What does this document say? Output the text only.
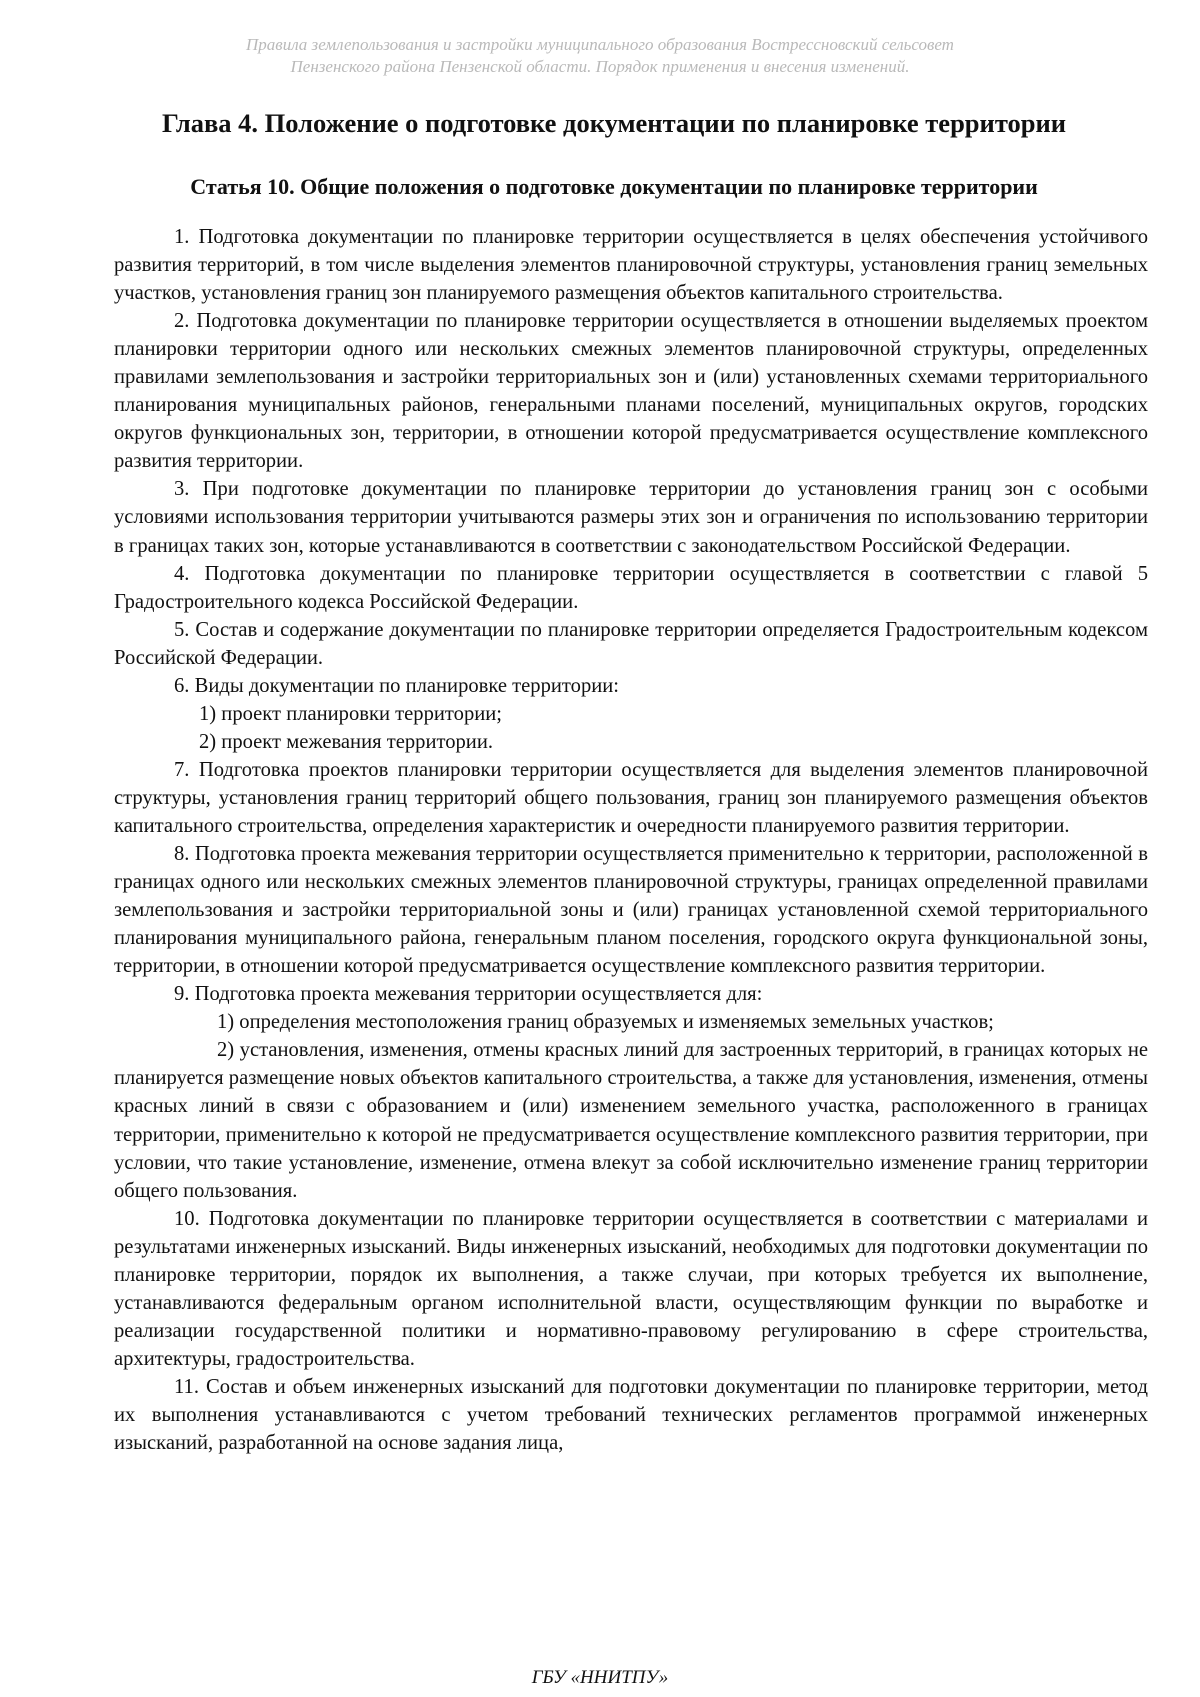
Правила землепользования и застройки муниципального образования Вострессновский сельсовет
Пензенского района Пензенской области. Порядок применения и внесения изменений.
Глава 4. Положение о подготовке документации по планировке территории
Статья 10. Общие положения о подготовке документации по планировке территории

1. Подготовка документации по планировке территории осуществляется в целях обеспечения устойчивого развития территорий, в том числе выделения элементов планировочной структуры, установления границ земельных участков, установления границ зон планируемого размещения объектов капитального строительства.

2. Подготовка документации по планировке территории осуществляется в отношении выделяемых проектом планировки территории одного или нескольких смежных элементов планировочной структуры, определенных правилами землепользования и застройки территориальных зон и (или) установленных схемами территориального планирования муниципальных районов, генеральными планами поселений, муниципальных округов, городских округов функциональных зон, территории, в отношении которой предусматривается осуществление комплексного развития территории.

3. При подготовке документации по планировке территории до установления границ зон с особыми условиями использования территории учитываются размеры этих зон и ограничения по использованию территории в границах таких зон, которые устанавливаются в соответствии с законодательством Российской Федерации.

4. Подготовка документации по планировке территории осуществляется в соответствии с главой 5 Градостроительного кодекса Российской Федерации.

5. Состав и содержание документации по планировке территории определяется Градостроительным кодексом Российской Федерации.

6. Виды документации по планировке территории:

1) проект планировки территории;

2) проект межевания территории.

7. Подготовка проектов планировки территории осуществляется для выделения элементов планировочной структуры, установления границ территорий общего пользования, границ зон планируемого размещения объектов капитального строительства, определения характеристик и очередности планируемого развития территории.

8. Подготовка проекта межевания территории осуществляется применительно к территории, расположенной в границах одного или нескольких смежных элементов планировочной структуры, границах определенной правилами землепользования и застройки территориальной зоны и (или) границах установленной схемой территориального планирования муниципального района, генеральным планом поселения, городского округа функциональной зоны, территории, в отношении которой предусматривается осуществление комплексного развития территории.

9. Подготовка проекта межевания территории осуществляется для:

1) определения местоположения границ образуемых и изменяемых земельных участков;

2) установления, изменения, отмены красных линий для застроенных территорий, в границах которых не планируется размещение новых объектов капитального строительства, а также для установления, изменения, отмены красных линий в связи с образованием и (или) изменением земельного участка, расположенного в границах территории, применительно к которой не предусматривается осуществление комплексного развития территории, при условии, что такие установление, изменение, отмена влекут за собой исключительно изменение границ территории общего пользования.

10. Подготовка документации по планировке территории осуществляется в соответствии с материалами и результатами инженерных изысканий. Виды инженерных изысканий, необходимых для подготовки документации по планировке территории, порядок их выполнения, а также случаи, при которых требуется их выполнение, устанавливаются федеральным органом исполнительной власти, осуществляющим функции по выработке и реализации государственной политики и нормативно-правовому регулированию в сфере строительства, архитектуры, градостроительства.

11. Состав и объем инженерных изысканий для подготовки документации по планировке территории, метод их выполнения устанавливаются с учетом требований технических регламентов программой инженерных изысканий, разработанной на основе задания лица,

ГБУ «ННИТПУ»
